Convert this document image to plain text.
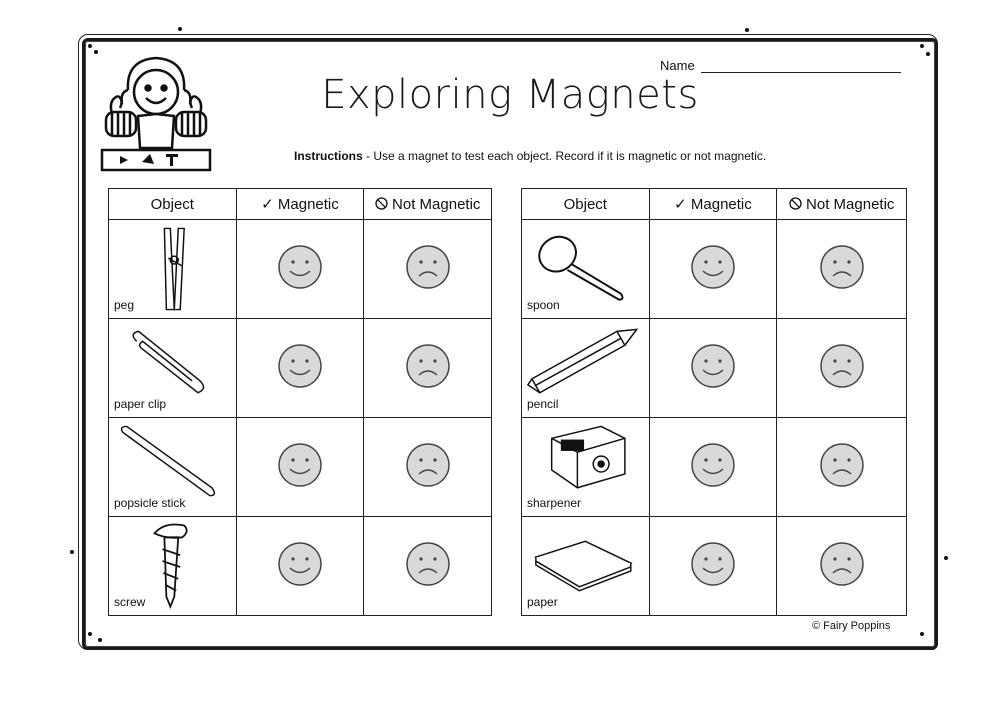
Name
Exploring Magnets
Instructions - Use a magnet to test each object. Record if it is magnetic or not magnetic.
Object	✓ Magnetic	Not Magnetic

peg

paper clip

popsicle stick

screw

Object	✓ Magnetic	Not Magnetic

spoon

pencil

sharpener

paper

© Fairy Poppins
